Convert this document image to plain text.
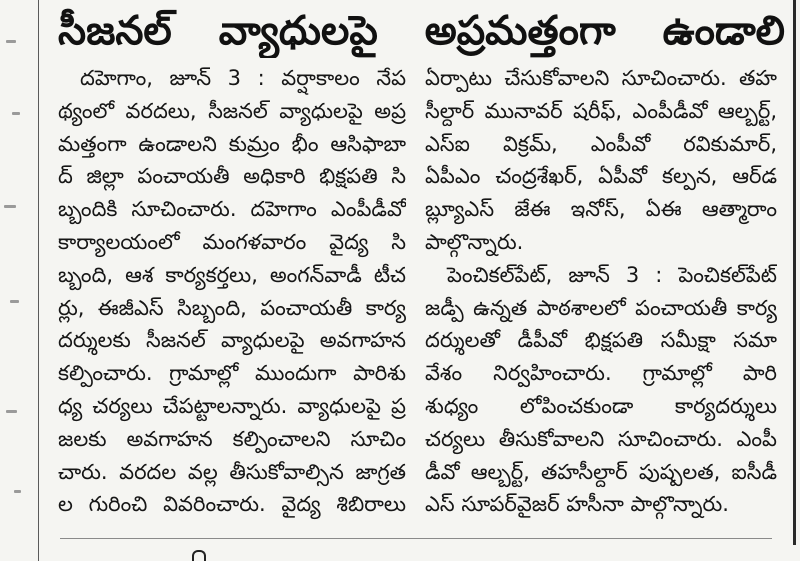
సీజనల్ వ్యాధులపై అప్రమత్తంగా ఉండాలి
దహెగాం, జూన్ 3 : వర్షాకాలం నేప
థ్యంలో వరదలు, సీజనల్ వ్యాధులపై అప్ర
మత్తంగా ఉండాలని కుమ్రం భీం ఆసిఫాబా
ద్ జిల్లా పంచాయతీ అధికారి భిక్షపతి సి
బ్బందికి సూచించారు. దహెగాం ఎంపీడీవో
కార్యాలయంలో మంగళవారం వైద్య సి
బ్బంది, ఆశ కార్యకర్తలు, అంగన్‌వాడీ టీచ
ర్లు, ఈజీఎస్ సిబ్బంది, పంచాయతీ కార్య
దర్శులకు సీజనల్ వ్యాధులపై అవగాహన
కల్పించారు. గ్రామాల్లో ముందుగా పారిశు
ధ్య చర్యలు చేపట్టాలన్నారు. వ్యాధులపై ప్ర
జలకు అవగాహన కల్పించాలని సూచిం
చారు. వరదల వల్ల తీసుకోవాల్సిన జాగ్రత
ల గురించి వివరించారు. వైద్య శిబిరాలు
ఏర్పాటు చేసుకోవాలని సూచించారు. తహ
సీల్దార్ మునావర్ షరీఫ్, ఎంపీడీవో ఆల్బర్ట్,
ఎస్ఐ విక్రమ్, ఎంపీవో రవికుమార్,
ఏపీఎం చంద్రశేఖర్, ఏపీవో కల్పన, ఆర్‌డ
బ్ల్యూఎస్ జేఈ ఇనోస్, ఏఈ ఆత్మారాం
పాల్గొన్నారు.
పెంచికల్‌పేట్, జూన్ 3 : పెంచికల్‌పేట్
జడ్పీ ఉన్నత పాఠశాలలో పంచాయతీ కార్య
దర్శులతో డీపీవో భిక్షపతి సమీక్షా సమా
వేశం నిర్వహించారు. గ్రామాల్లో పారి
శుధ్యం లోపించకుండా కార్యదర్శులు
చర్యలు తీసుకోవాలని సూచించారు. ఎంపీ
డీవో ఆల్బర్ట్, తహసీల్దార్ పుష్పలత, ఐసీడీ
ఎస్ సూపర్‌వైజర్ హసీనా పాల్గొన్నారు.
